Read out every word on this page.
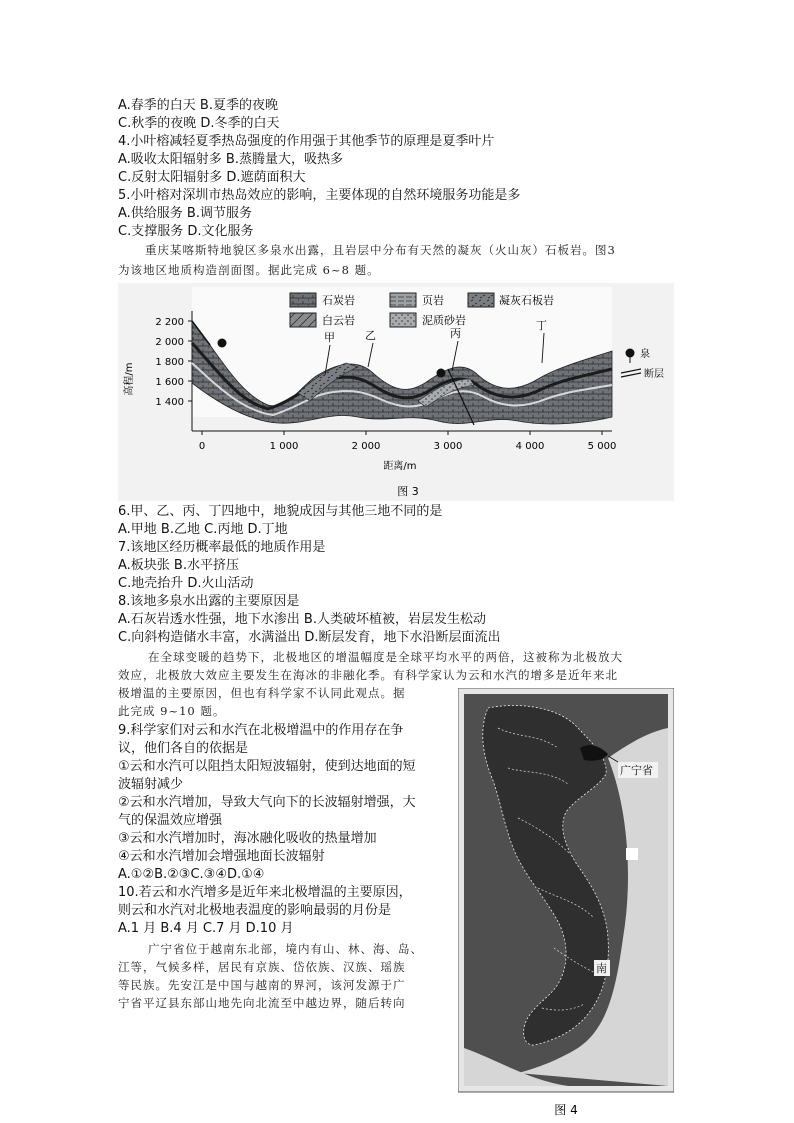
A.春季的白天 B.夏季的夜晚
C.秋季的夜晚 D.冬季的白天
4.小叶榕减轻夏季热岛强度的作用强于其他季节的原理是夏季叶片
A.吸收太阳辐射多 B.蒸腾量大，吸热多
C.反射太阳辐射多 D.遮荫面积大
5.小叶榕对深圳市热岛效应的影响，主要体现的自然环境服务功能是多
A.供给服务 B.调节服务
C.支撑服务 D.文化服务
重庆某喀斯特地貌区多泉水出露，且岩层中分布有天然的凝灰（火山灰）石板岩。图3
为该地区地质构造剖面图。据此完成 6~8 题。
石炭岩	页岩	凝灰石板岩
白云岩	泥质砂岩
2 200
2 000
1 800
1 600
1 400
高程/m
0	1 000	2 000	3 000	4 000	5 000
距离/m
甲	乙	丙
丁
泉
断层
图 3
6.甲、乙、丙、丁四地中，地貌成因与其他三地不同的是
A.甲地 B.乙地 C.丙地 D.丁地
7.该地区经历概率最低的地质作用是
A.板块张 B.水平挤压
C.地壳抬升 D.火山活动
8.该地多泉水出露的主要原因是
A.石灰岩透水性强，地下水渗出 B.人类破坏植被，岩层发生松动
C.向斜构造储水丰富，水满溢出 D.断层发育，地下水沿断层面流出
在全球变暖的趋势下，北极地区的增温幅度是全球平均水平的两倍，这被称为北极放大
效应，北极放大效应主要发生在海冰的非融化季。有科学家认为云和水汽的增多是近年来北
极增温的主要原因，但也有科学家不认同此观点。据
此完成 9~10 题。
9.科学家们对云和水汽在北极增温中的作用存在争
议，他们各自的依据是
①云和水汽可以阻挡太阳短波辐射，使到达地面的短
波辐射减少
②云和水汽增加，导致大气向下的长波辐射增强，大
气的保温效应增强
③云和水汽增加时，海冰融化吸收的热量增加
④云和水汽增加会增强地面长波辐射
A.①②B.②③C.③④D.①④
10.若云和水汽增多是近年来北极增温的主要原因，
则云和水汽对北极地表温度的影响最弱的月份是
A.1 月 B.4 月 C.7 月 D.10 月
广宁省位于越南东北部，境内有山、林、海、岛、
江等，气候多样，居民有京族、岱依族、汉族、瑶族
等民族。先安江是中国与越南的界河，该河发源于广
宁省平辽县东部山地先向北流至中越边界，随后转向
广宁省
南
图 4
